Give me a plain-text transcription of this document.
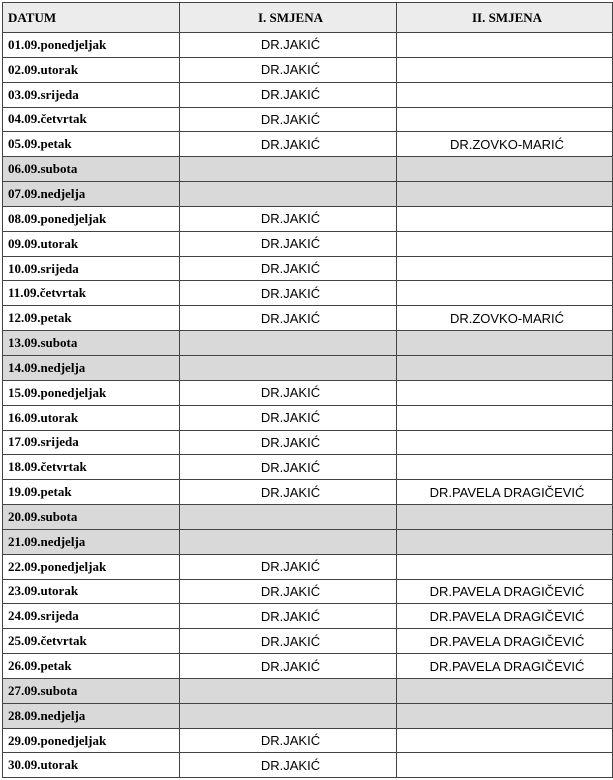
DATUM	I. SMJENA	II. SMJENA
01.09.ponedjeljak	DR.JAKIĆ	
02.09.utorak	DR.JAKIĆ	
03.09.srijeda	DR.JAKIĆ	
04.09.četvrtak	DR.JAKIĆ	
05.09.petak	DR.JAKIĆ	DR.ZOVKO-MARIĆ
06.09.subota		
07.09.nedjelja		
08.09.ponedjeljak	DR.JAKIĆ	
09.09.utorak	DR.JAKIĆ	
10.09.srijeda	DR.JAKIĆ	
11.09.četvrtak	DR.JAKIĆ	
12.09.petak	DR.JAKIĆ	DR.ZOVKO-MARIĆ
13.09.subota		
14.09.nedjelja		
15.09.ponedjeljak	DR.JAKIĆ	
16.09.utorak	DR.JAKIĆ	
17.09.srijeda	DR.JAKIĆ	
18.09.četvrtak	DR.JAKIĆ	
19.09.petak	DR.JAKIĆ	DR.PAVELA DRAGIČEVIĆ
20.09.subota		
21.09.nedjelja		
22.09.ponedjeljak	DR.JAKIĆ	
23.09.utorak	DR.JAKIĆ	DR.PAVELA DRAGIČEVIĆ
24.09.srijeda	DR.JAKIĆ	DR.PAVELA DRAGIČEVIĆ
25.09.četvrtak	DR.JAKIĆ	DR.PAVELA DRAGIČEVIĆ
26.09.petak	DR.JAKIĆ	DR.PAVELA DRAGIČEVIĆ
27.09.subota		
28.09.nedjelja		
29.09.ponedjeljak	DR.JAKIĆ	
30.09.utorak	DR.JAKIĆ	
